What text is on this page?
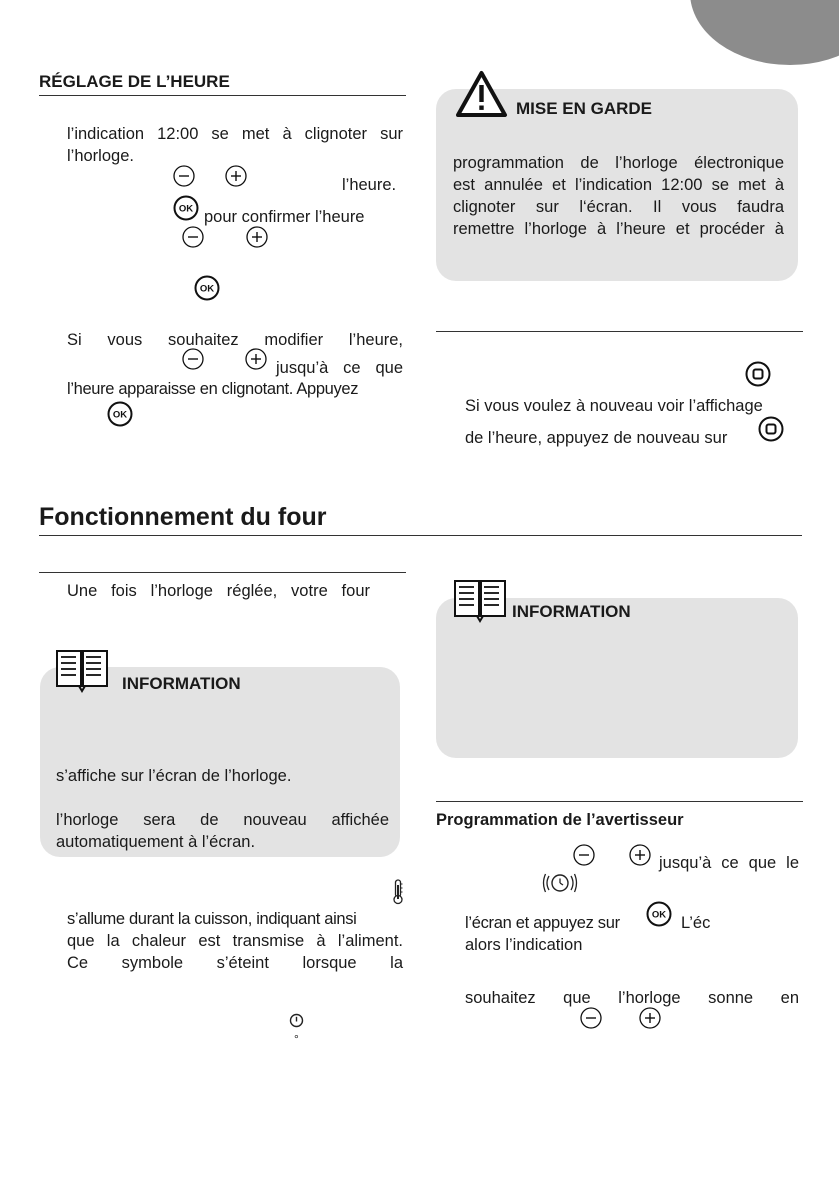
RÉGLAGE DE L’HEURE
l’indication 12:00 se met à clignoter sur
l’horloge.
l’heure.
OK pour confirmer l’heure
OK
Si vous souhaitez modifier l’heure,
jusqu’à ce que
l’heure apparaisse en clignotant. Appuyez
OK
MISE EN GARDE
programmation de l’horloge électronique
est annulée et l’indication 12:00 se met à
clignoter sur l‘écran. Il vous faudra
remettre l’horloge à l’heure et procéder à
Si vous voulez à nouveau voir l’affichage
de l’heure, appuyez de nouveau sur
Fonctionnement du four
Une fois l’horloge réglée, votre four
INFORMATION
s’affiche sur l’écran de l’horloge.
l’horloge sera de nouveau affichée
automatiquement à l’écran.
s’allume durant la cuisson, indiquant ainsi
que la chaleur est transmise à l’aliment.
Ce symbole s’éteint lorsque la
°
INFORMATION
Programmation de l’avertisseur
jusqu’à ce que le
l’écran et appuyez sur	OK L’éc
alors l’indication
souhaitez que l’horloge sonne en
